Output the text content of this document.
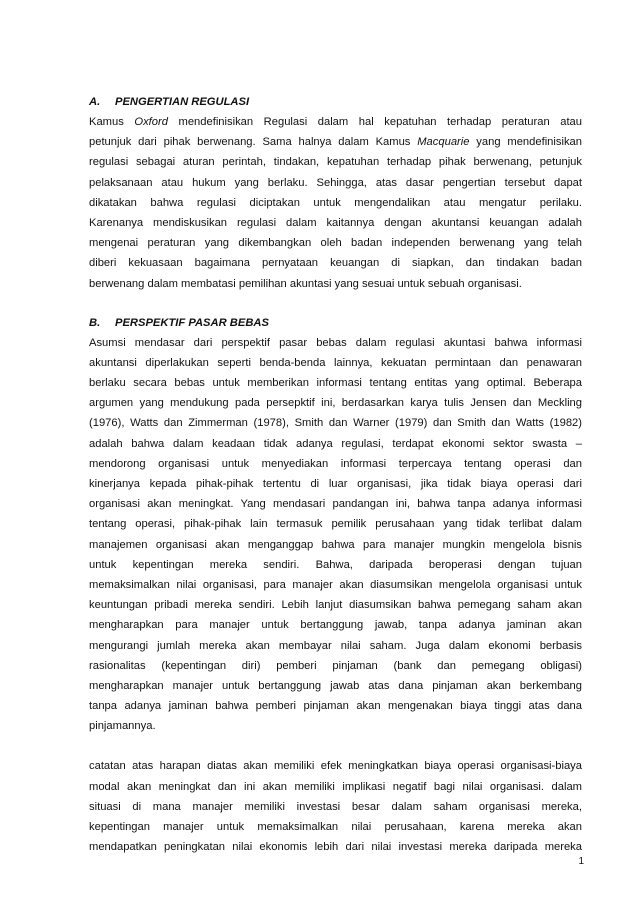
A. PENGERTIAN REGULASI
Kamus Oxford mendefinisikan Regulasi dalam hal kepatuhan terhadap peraturan atau
petunjuk dari pihak berwenang. Sama halnya dalam Kamus Macquarie yang mendefinisikan
regulasi sebagai aturan perintah, tindakan, kepatuhan terhadap pihak berwenang, petunjuk
pelaksanaan atau hukum yang berlaku. Sehingga, atas dasar pengertian tersebut dapat
dikatakan bahwa regulasi diciptakan untuk mengendalikan atau mengatur perilaku.
Karenanya mendiskusikan regulasi dalam kaitannya dengan akuntansi keuangan adalah
mengenai peraturan yang dikembangkan oleh badan independen berwenang yang telah
diberi kekuasaan bagaimana pernyataan keuangan di siapkan, dan tindakan badan
berwenang dalam membatasi pemilihan akuntasi yang sesuai untuk sebuah organisasi.
B. PERSPEKTIF PASAR BEBAS
Asumsi mendasar dari perspektif pasar bebas dalam regulasi akuntasi bahwa informasi
akuntansi diperlakukan seperti benda-benda lainnya, kekuatan permintaan dan penawaran
berlaku secara bebas untuk memberikan informasi tentang entitas yang optimal. Beberapa
argumen yang mendukung pada persepktif ini, berdasarkan karya tulis Jensen dan Meckling
(1976), Watts dan Zimmerman (1978), Smith dan Warner (1979) dan Smith dan Watts (1982)
adalah bahwa dalam keadaan tidak adanya regulasi, terdapat ekonomi sektor swasta –
mendorong organisasi untuk menyediakan informasi terpercaya tentang operasi dan
kinerjanya kepada pihak-pihak tertentu di luar organisasi, jika tidak biaya operasi dari
organisasi akan meningkat. Yang mendasari pandangan ini, bahwa tanpa adanya informasi
tentang operasi, pihak-pihak lain termasuk pemilik perusahaan yang tidak terlibat dalam
manajemen organisasi akan menganggap bahwa para manajer mungkin mengelola bisnis
untuk kepentingan mereka sendiri. Bahwa, daripada beroperasi dengan tujuan
memaksimalkan nilai organisasi, para manajer akan diasumsikan mengelola organisasi untuk
keuntungan pribadi mereka sendiri. Lebih lanjut diasumsikan bahwa pemegang saham akan
mengharapkan para manajer untuk bertanggung jawab, tanpa adanya jaminan akan
mengurangi jumlah mereka akan membayar nilai saham. Juga dalam ekonomi berbasis
rasionalitas (kepentingan diri) pemberi pinjaman (bank dan pemegang obligasi)
mengharapkan manajer untuk bertanggung jawab atas dana pinjaman akan berkembang
tanpa adanya jaminan bahwa pemberi pinjaman akan mengenakan biaya tinggi atas dana
pinjamannya.
catatan atas harapan diatas akan memiliki efek meningkatkan biaya operasi organisasi-biaya
modal akan meningkat dan ini akan memiliki implikasi negatif bagi nilai organisasi. dalam
situasi di mana manajer memiliki investasi besar dalam saham organisasi mereka,
kepentingan manajer untuk memaksimalkan nilai perusahaan, karena mereka akan
mendapatkan peningkatan nilai ekonomis lebih dari nilai investasi mereka daripada mereka
1
